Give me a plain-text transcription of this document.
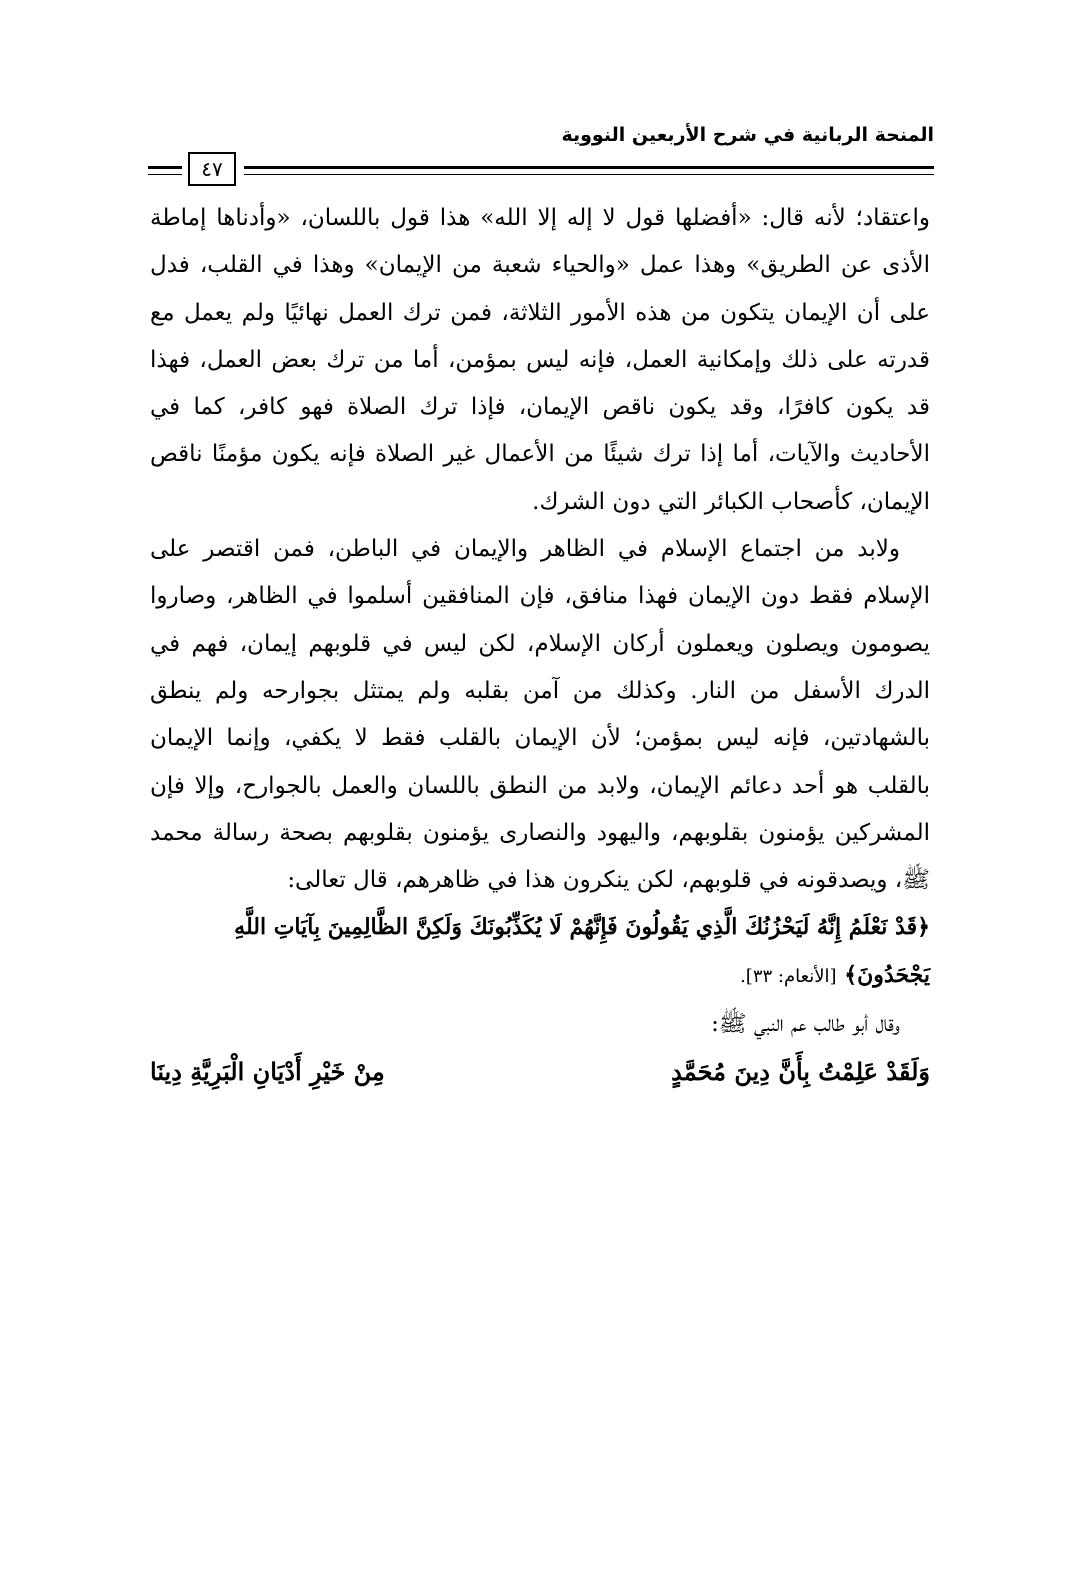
المنحة الربانية في شرح الأربعين النووية
٤٧

واعتقاد؛ لأنه قال: «أفضلها قول لا إله إلا الله» هذا قول باللسان، «وأدناها إماطة الأذى عن الطريق» وهذا عمل «والحياء شعبة من الإيمان» وهذا في القلب، فدل على أن الإيمان يتكون من هذه الأمور الثلاثة، فمن ترك العمل نهائيًا ولم يعمل مع قدرته على ذلك وإمكانية العمل، فإنه ليس بمؤمن، أما من ترك بعض العمل، فهذا قد يكون كافرًا، وقد يكون ناقص الإيمان، فإذا ترك الصلاة فهو كافر، كما في الأحاديث والآيات، أما إذا ترك شيئًا من الأعمال غير الصلاة فإنه يكون مؤمنًا ناقص الإيمان، كأصحاب الكبائر التي دون الشرك.

ولابد من اجتماع الإسلام في الظاهر والإيمان في الباطن، فمن اقتصر على الإسلام فقط دون الإيمان فهذا منافق، فإن المنافقين أسلموا في الظاهر، وصاروا يصومون ويصلون ويعملون أركان الإسلام، لكن ليس في قلوبهم إيمان، فهم في الدرك الأسفل من النار. وكذلك من آمن بقلبه ولم يمتثل بجوارحه ولم ينطق بالشهادتين، فإنه ليس بمؤمن؛ لأن الإيمان بالقلب فقط لا يكفي، وإنما الإيمان بالقلب هو أحد دعائم الإيمان، ولابد من النطق باللسان والعمل بالجوارح، وإلا فإن المشركين يؤمنون بقلوبهم، واليهود والنصارى يؤمنون بقلوبهم بصحة رسالة محمد ﷺ، ويصدقونه في قلوبهم، لكن ينكرون هذا في ظاهرهم، قال تعالى:

﴿قَدْ نَعْلَمُ إِنَّهُ لَيَحْزُنُكَ الَّذِي يَقُولُونَ فَإِنَّهُمْ لَا يُكَذِّبُونَكَ وَلَكِنَّ الظَّالِمِينَ بِآيَاتِ اللَّهِ يَجْحَدُونَ﴾ [الأنعام: ٣٣].

وقال أبو طالب عم النبي ﷺ:

وَلَقَدْ عَلِمْتُ بِأَنَّ دِينَ مُحَمَّدٍ
مِنْ خَيْرِ أَدْيَانِ الْبَرِيَّةِ دِينَا
